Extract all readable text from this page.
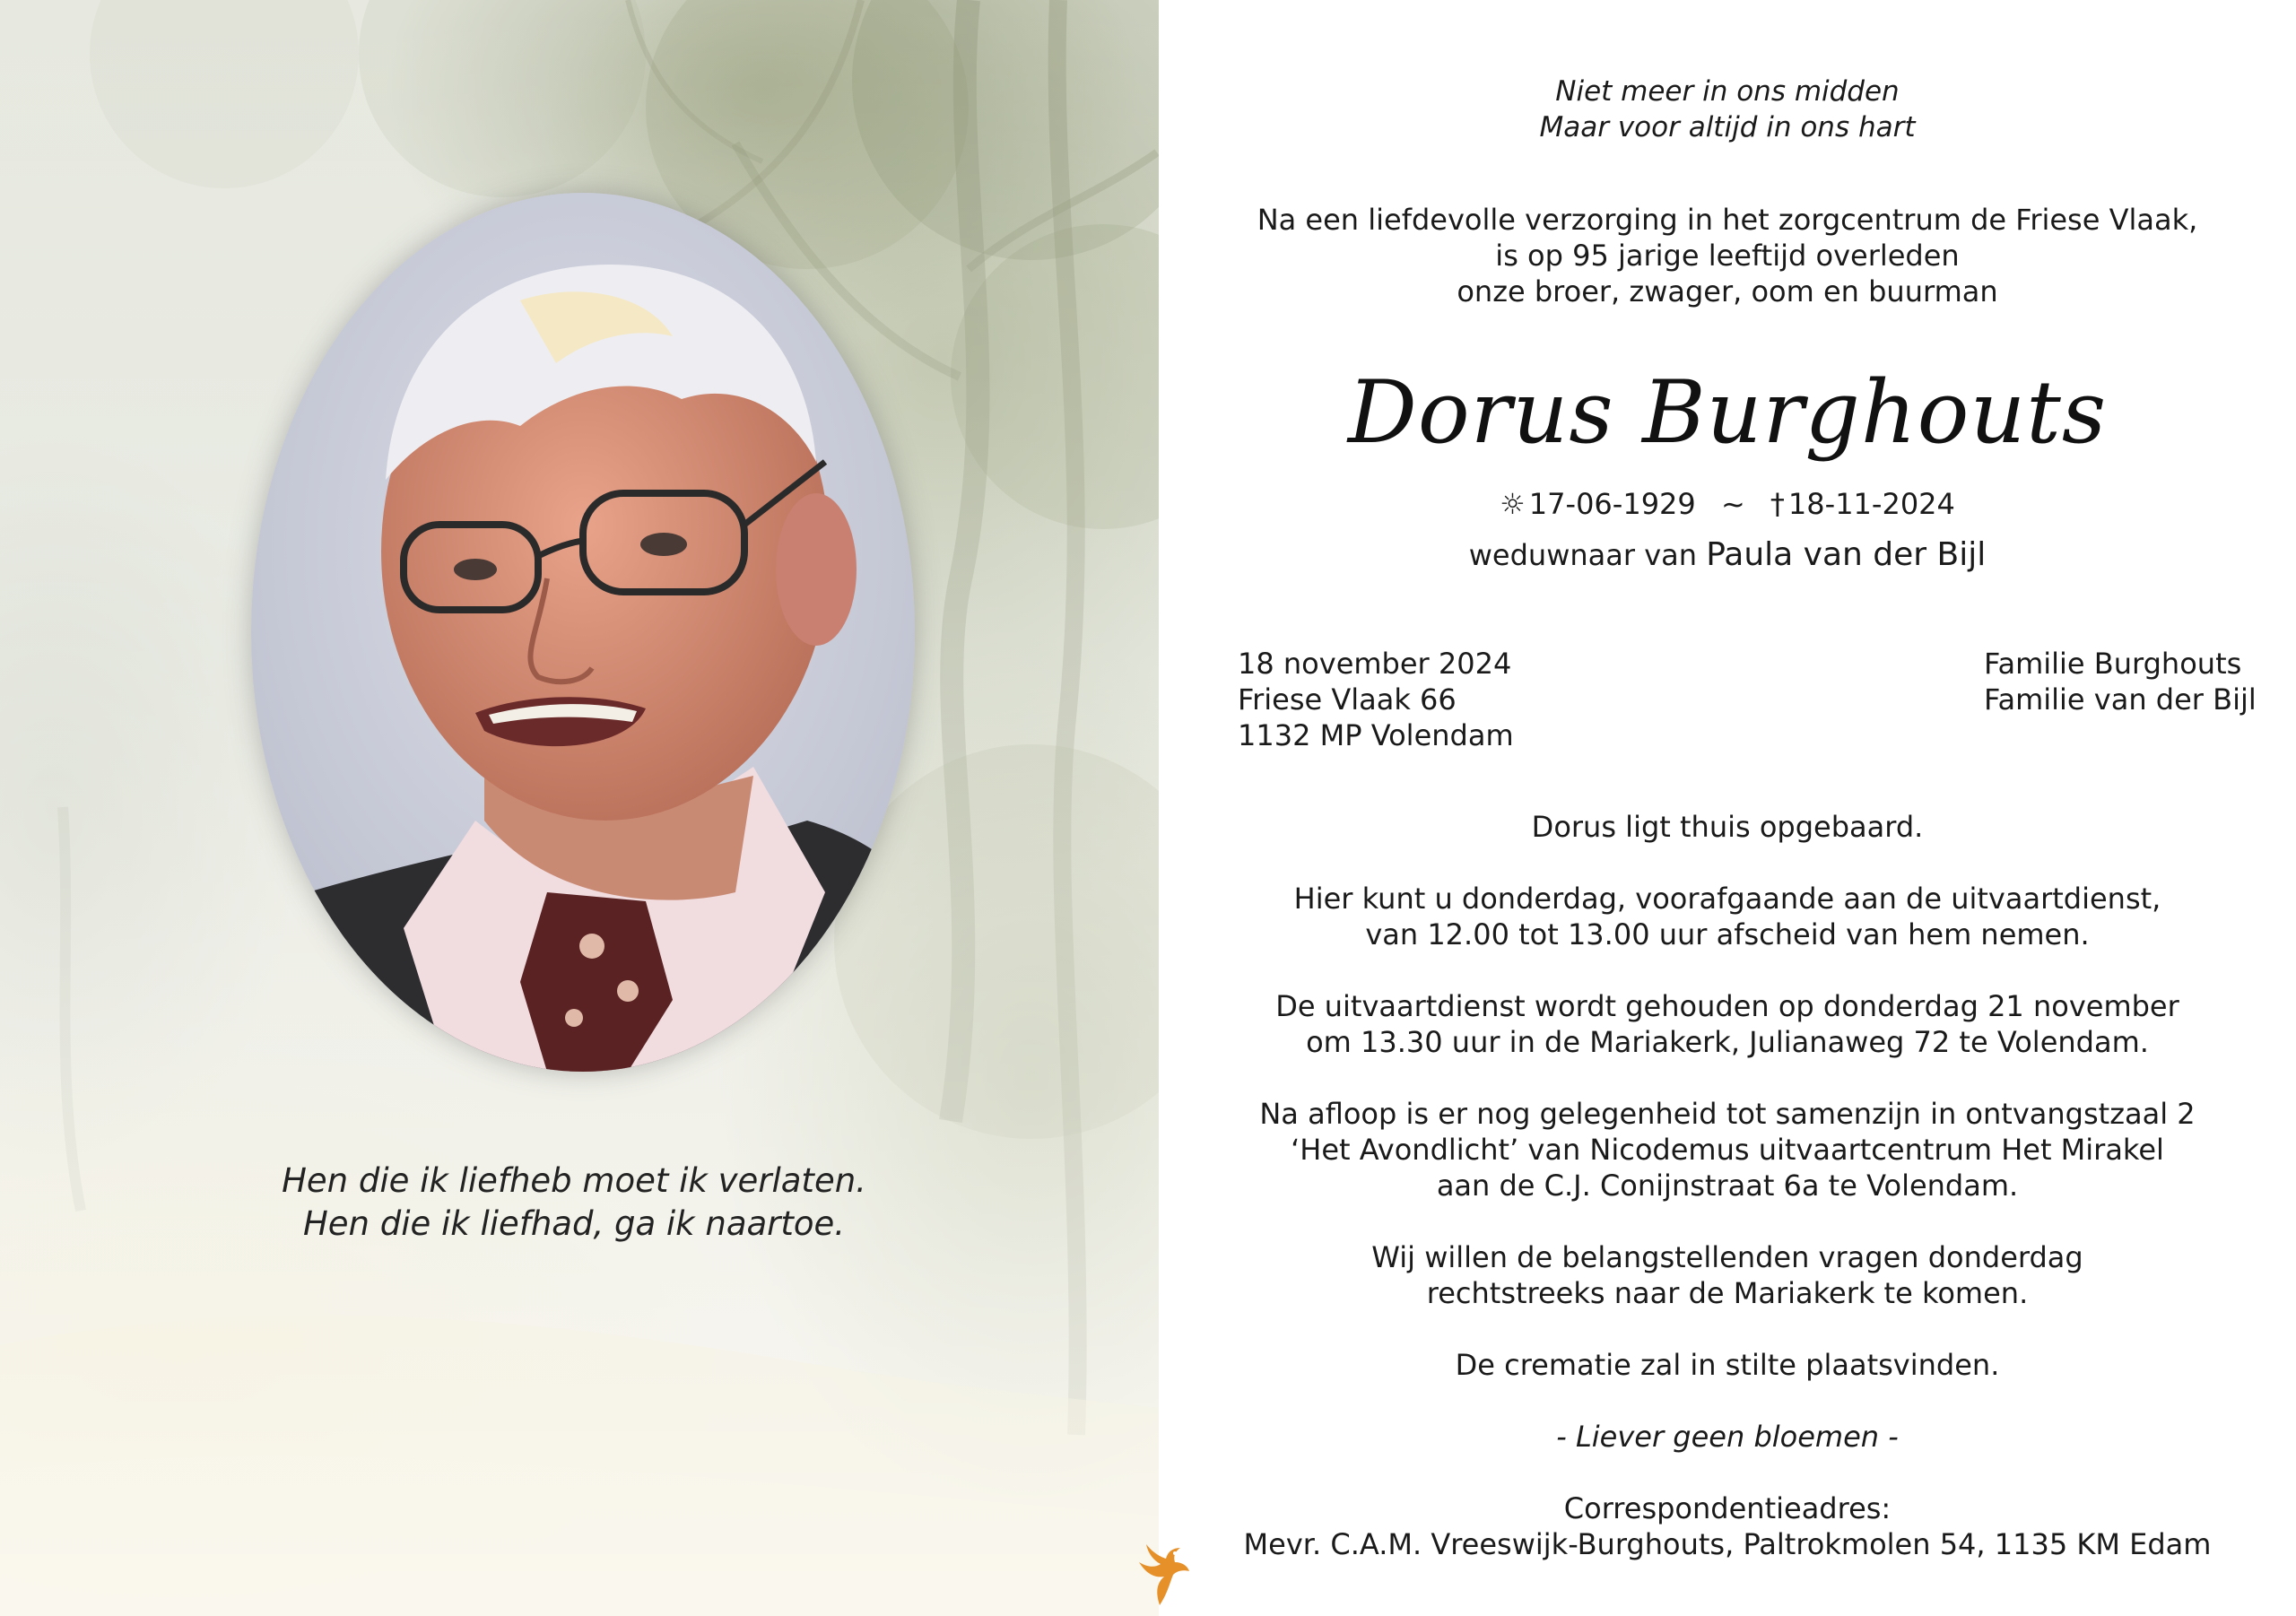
Hen die ik liefheb moet ik verlaten.
Hen die ik liefhad, ga ik naartoe.
Niet meer in ons midden
Maar voor altijd in ons hart
Na een liefdevolle verzorging in het zorgcentrum de Friese Vlaak,
is op 95 jarige leeftijd overleden
onze broer, zwager, oom en buurman
Dorus Burghouts
☼ 17-06-1929 ~ † 18-11-2024
weduwnaar van Paula van der Bijl
18 november 2024
Friese Vlaak 66
1132 MP Volendam
Familie Burghouts
Familie van der Bijl
Dorus ligt thuis opgebaard.
Hier kunt u donderdag, voorafgaande aan de uitvaartdienst,
van 12.00 tot 13.00 uur afscheid van hem nemen.
De uitvaartdienst wordt gehouden op donderdag 21 november
om 13.30 uur in de Mariakerk, Julianaweg 72 te Volendam.
Na afloop is er nog gelegenheid tot samenzijn in ontvangstzaal 2
‘Het Avondlicht’ van Nicodemus uitvaartcentrum Het Mirakel
aan de C.J. Conijnstraat 6a te Volendam.
Wij willen de belangstellenden vragen donderdag
rechtstreeks naar de Mariakerk te komen.
De crematie zal in stilte plaatsvinden.
- Liever geen bloemen -
Correspondentieadres:
Mevr. C.A.M. Vreeswijk-Burghouts, Paltrokmolen 54, 1135 KM Edam
